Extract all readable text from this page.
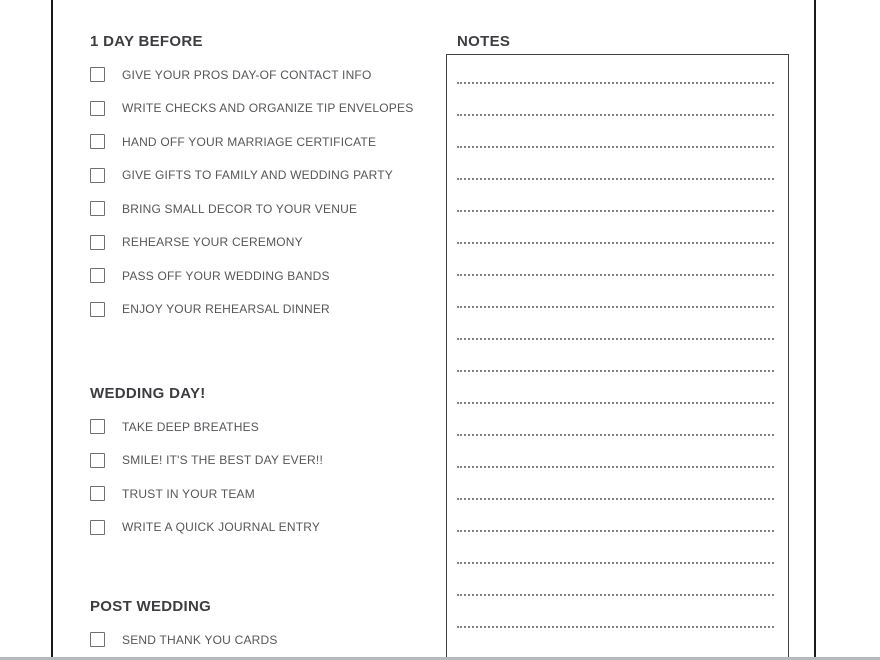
1 DAY BEFORE
GIVE YOUR PROS DAY-OF CONTACT INFO
WRITE CHECKS AND ORGANIZE TIP ENVELOPES
HAND OFF YOUR MARRIAGE CERTIFICATE
GIVE GIFTS TO FAMILY AND WEDDING PARTY
BRING SMALL DECOR TO YOUR VENUE
REHEARSE YOUR CEREMONY
PASS OFF YOUR WEDDING BANDS
ENJOY YOUR REHEARSAL DINNER
WEDDING DAY!
TAKE DEEP BREATHES
SMILE! IT'S THE BEST DAY EVER!!
TRUST IN YOUR TEAM
WRITE A QUICK JOURNAL ENTRY
POST WEDDING
SEND THANK YOU CARDS
NOTES
